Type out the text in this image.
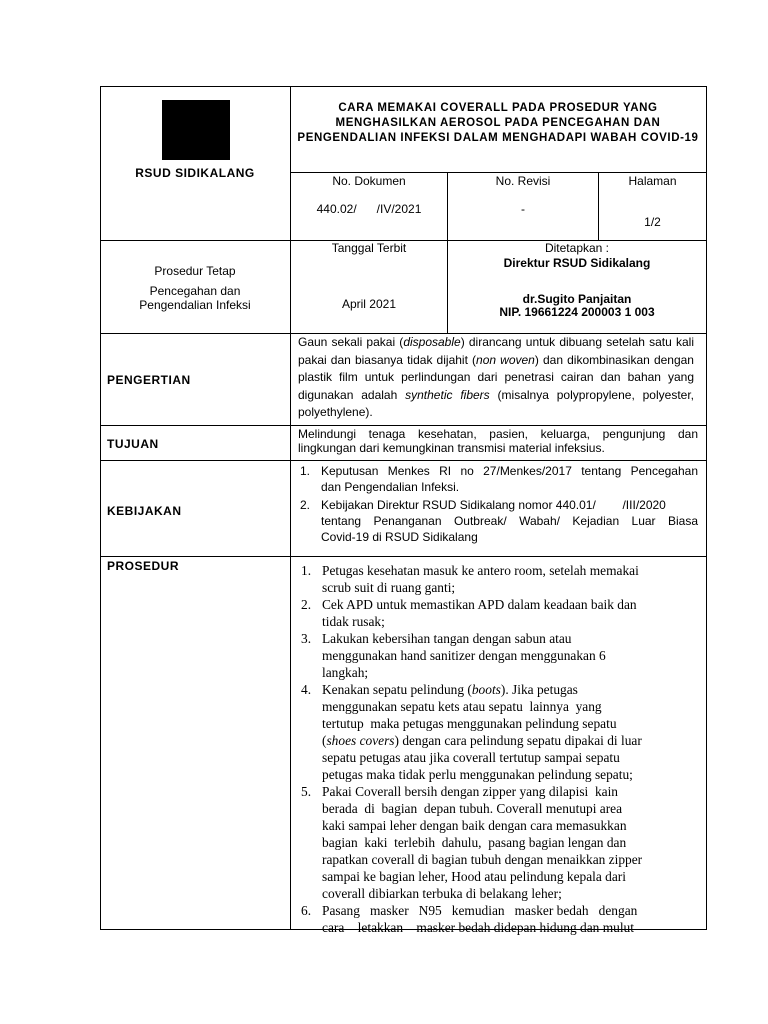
RSUD SIDIKALANG
CARA MEMAKAI COVERALL PADA PROSEDUR YANG MENGHASILKAN AEROSOL PADA PENCEGAHAN DAN PENGENDALIAN INFEKSI DALAM MENGHADAPI WABAH COVID-19
No. Dokumen
440.02/      /IV/2021
No. Revisi
-
Halaman
1/2
Prosedur Tetap
Pencegahan dan
Pengendalian Infeksi
Tanggal Terbit
April 2021
Ditetapkan :
Direktur RSUD Sidikalang
dr.Sugito Panjaitan
NIP. 19661224 200003 1 003
PENGERTIAN
Gaun sekali pakai (disposable) dirancang untuk dibuang setelah satu kali pakai dan biasanya tidak dijahit (non woven) dan dikombinasikan dengan plastik film untuk perlindungan dari penetrasi cairan dan bahan yang digunakan adalah synthetic fibers (misalnya polypropylene, polyester, polyethylene).
TUJUAN
Melindungi tenaga kesehatan, pasien, keluarga, pengunjung dan lingkungan dari kemungkinan transmisi material infeksius.
KEBIJAKAN
1. Keputusan Menkes RI no 27/Menkes/2017 tentang Pencegahan
dan Pengendalian Infeksi.
2. Kebijakan Direktur RSUD Sidikalang nomor 440.01/        /III/2020
tentang Penanganan Outbreak/ Wabah/ Kejadian Luar Biasa
Covid-19 di RSUD Sidikalang
PROSEDUR	1. Petugas kesehatan masuk ke antero room, setelah memakai
scrub suit di ruang ganti;
2. Cek APD untuk memastikan APD dalam keadaan baik dan
tidak rusak;
3. Lakukan kebersihan tangan dengan sabun atau
menggunakan hand sanitizer dengan menggunakan 6
langkah;
4. Kenakan sepatu pelindung (boots). Jika petugas
menggunakan sepatu kets atau sepatu  lainnya  yang
tertutup  maka petugas menggunakan pelindung sepatu
(shoes covers) dengan cara pelindung sepatu dipakai di luar
sepatu petugas atau jika coverall tertutup sampai sepatu
petugas maka tidak perlu menggunakan pelindung sepatu;
5. Pakai Coverall bersih dengan zipper yang dilapisi  kain
berada  di  bagian  depan tubuh. Coverall menutupi area
kaki sampai leher dengan baik dengan cara memasukkan
bagian  kaki  terlebih  dahulu,  pasang bagian lengan dan
rapatkan coverall di bagian tubuh dengan menaikkan zipper
sampai ke bagian leher, Hood atau pelindung kepala dari
coverall dibiarkan terbuka di belakang leher;
6. Pasang   masker   N95   kemudian   masker bedah   dengan
cara    letakkan    masker bedah didepan hidung dan mulut
